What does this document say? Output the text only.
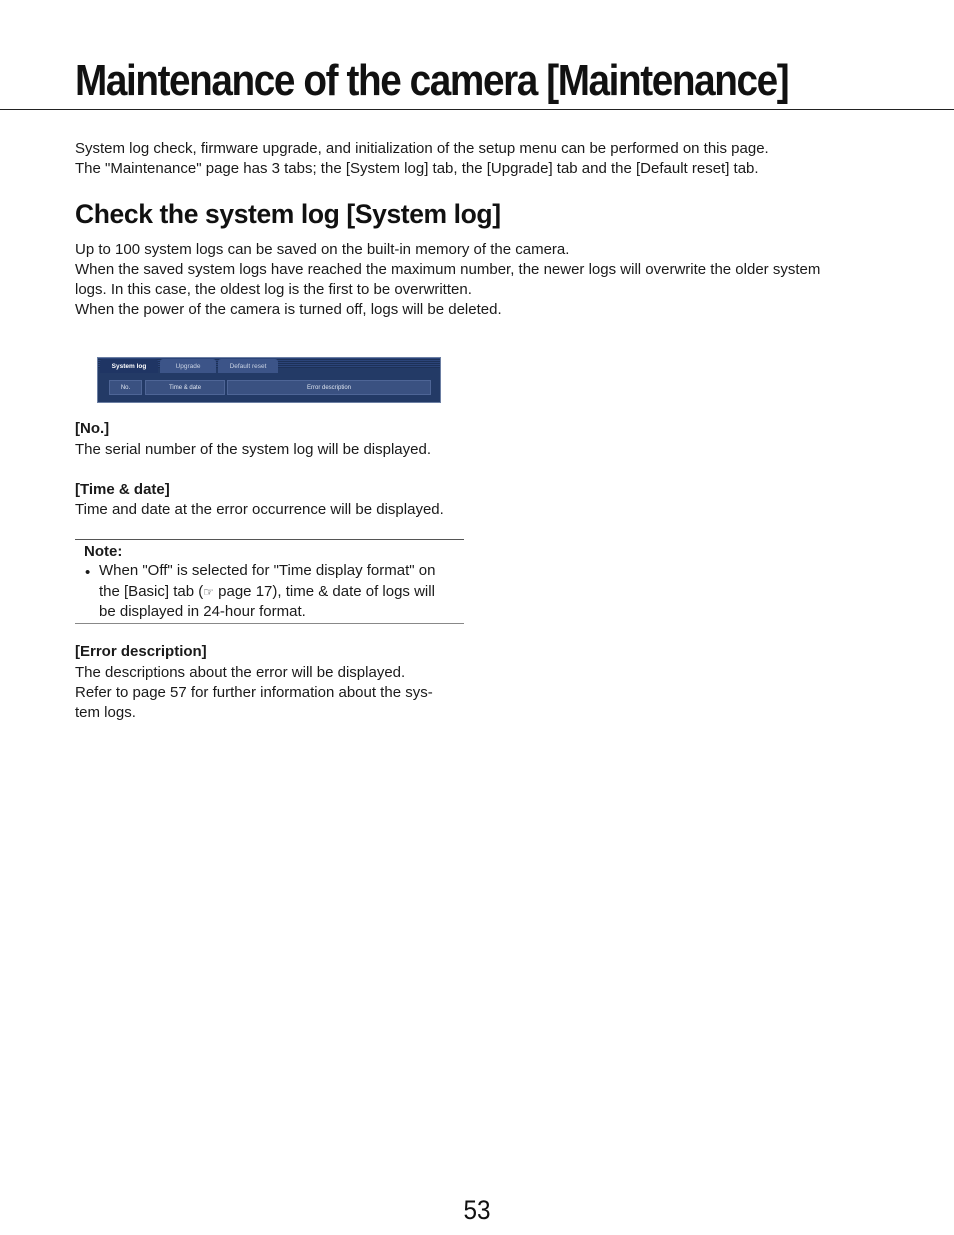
Maintenance of the camera [Maintenance]

System log check, firmware upgrade, and initialization of the setup menu can be performed on this page.
The "Maintenance" page has 3 tabs; the [System log] tab, the [Upgrade] tab and the [Default reset] tab.

Check the system log [System log]

Up to 100 system logs can be saved on the built-in memory of the camera.
When the saved system logs have reached the maximum number, the newer logs will overwrite the older system
logs. In this case, the oldest log is the first to be overwritten.
When the power of the camera is turned off, logs will be deleted.

System log	Upgrade	Default reset
No.	Time & date	Error description

[No.]

The serial number of the system log will be displayed.

[Time & date]

Time and date at the error occurrence will be displayed.

Note:
• When "Off" is selected for "Time display format" on
the [Basic] tab (☞ page 17), time & date of logs will
be displayed in 24-hour format.

[Error description]

The descriptions about the error will be displayed.

Refer to page 57 for further information about the sys-

tem logs.

53
